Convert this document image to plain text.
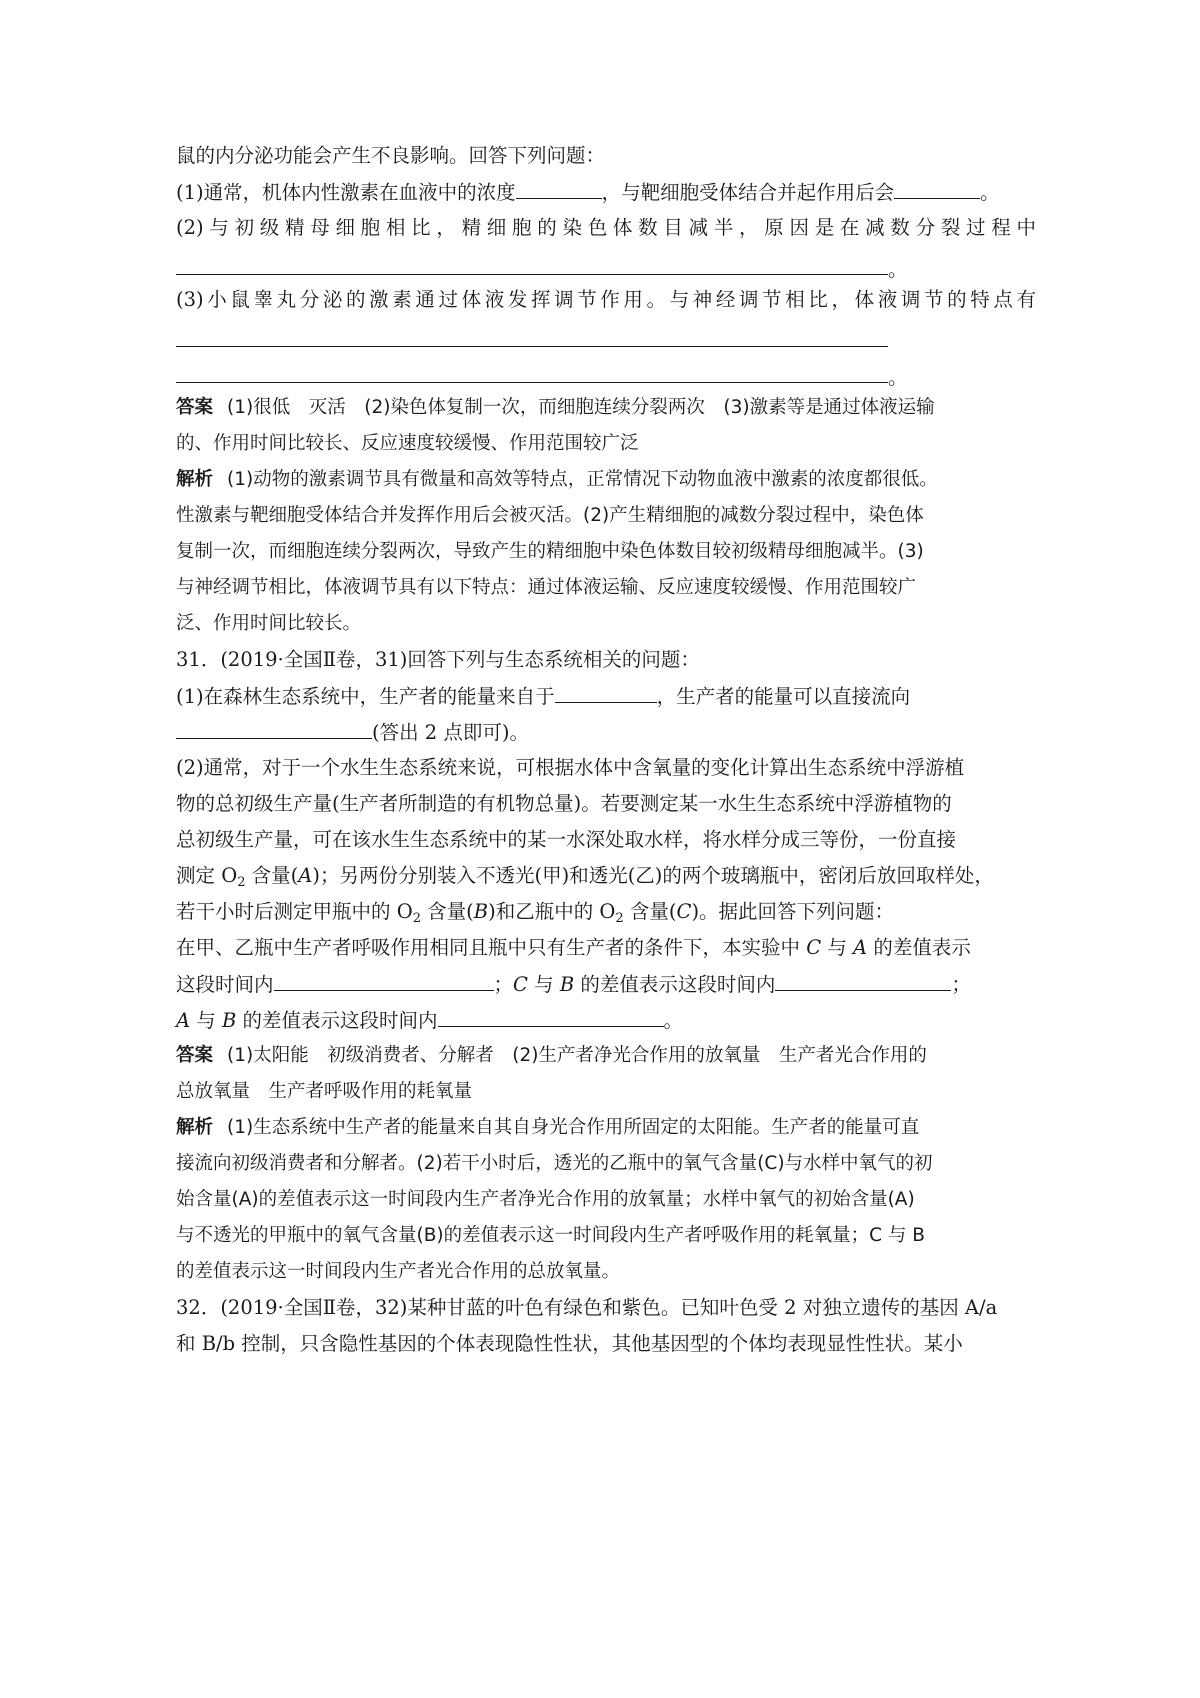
鼠的内分泌功能会产生不良影响。回答下列问题：
(1)通常，机体内性激素在血液中的浓度	，与靶细胞受体结合并起作用后会	。
(2)与初级精母细胞相比，精细胞的染色体数目减半，原因是在减数分裂过程中
。
(3)小鼠睾丸分泌的激素通过体液发挥调节作用。与神经调节相比，体液调节的特点有
。
答案 (1)很低　灭活　(2)染色体复制一次，而细胞连续分裂两次　(3)激素等是通过体液运输
的、作用时间比较长、反应速度较缓慢、作用范围较广泛
解析 (1)动物的激素调节具有微量和高效等特点，正常情况下动物血液中激素的浓度都很低。
性激素与靶细胞受体结合并发挥作用后会被灭活。(2)产生精细胞的减数分裂过程中，染色体
复制一次，而细胞连续分裂两次，导致产生的精细胞中染色体数目较初级精母细胞减半。(3)
与神经调节相比，体液调节具有以下特点：通过体液运输、反应速度较缓慢、作用范围较广
泛、作用时间比较长。
31．(2019·全国Ⅱ卷，31)回答下列与生态系统相关的问题：
(1)在森林生态系统中，生产者的能量来自于	，生产者的能量可以直接流向
(答出 2 点即可)。
(2)通常，对于一个水生生态系统来说，可根据水体中含氧量的变化计算出生态系统中浮游植
物的总初级生产量(生产者所制造的有机物总量)。若要测定某一水生生态系统中浮游植物的
总初级生产量，可在该水生生态系统中的某一水深处取水样，将水样分成三等份，一份直接
测定 $O_2$ 含量(A)；另两份分别装入不透光(甲)和透光(乙)的两个玻璃瓶中，密闭后放回取样处，
若干小时后测定甲瓶中的 $O_2$ 含量(B)和乙瓶中的 $O_2$ 含量(C)。据此回答下列问题：
在甲、乙瓶中生产者呼吸作用相同且瓶中只有生产者的条件下，本实验中 C 与 A 的差值表示
这段时间内	；C 与 B 的差值表示这段时间内	；
A 与 B 的差值表示这段时间内	。
答案 (1)太阳能　初级消费者、分解者　(2)生产者净光合作用的放氧量　生产者光合作用的
总放氧量　生产者呼吸作用的耗氧量
解析 (1)生态系统中生产者的能量来自其自身光合作用所固定的太阳能。生产者的能量可直
接流向初级消费者和分解者。(2)若干小时后，透光的乙瓶中的氧气含量(C)与水样中氧气的初
始含量(A)的差值表示这一时间段内生产者净光合作用的放氧量；水样中氧气的初始含量(A)
与不透光的甲瓶中的氧气含量(B)的差值表示这一时间段内生产者呼吸作用的耗氧量；C 与 B
的差值表示这一时间段内生产者光合作用的总放氧量。
32．(2019·全国Ⅱ卷，32)某种甘蓝的叶色有绿色和紫色。已知叶色受 2 对独立遗传的基因 A/a
和 B/b 控制，只含隐性基因的个体表现隐性性状，其他基因型的个体均表现显性性状。某小
